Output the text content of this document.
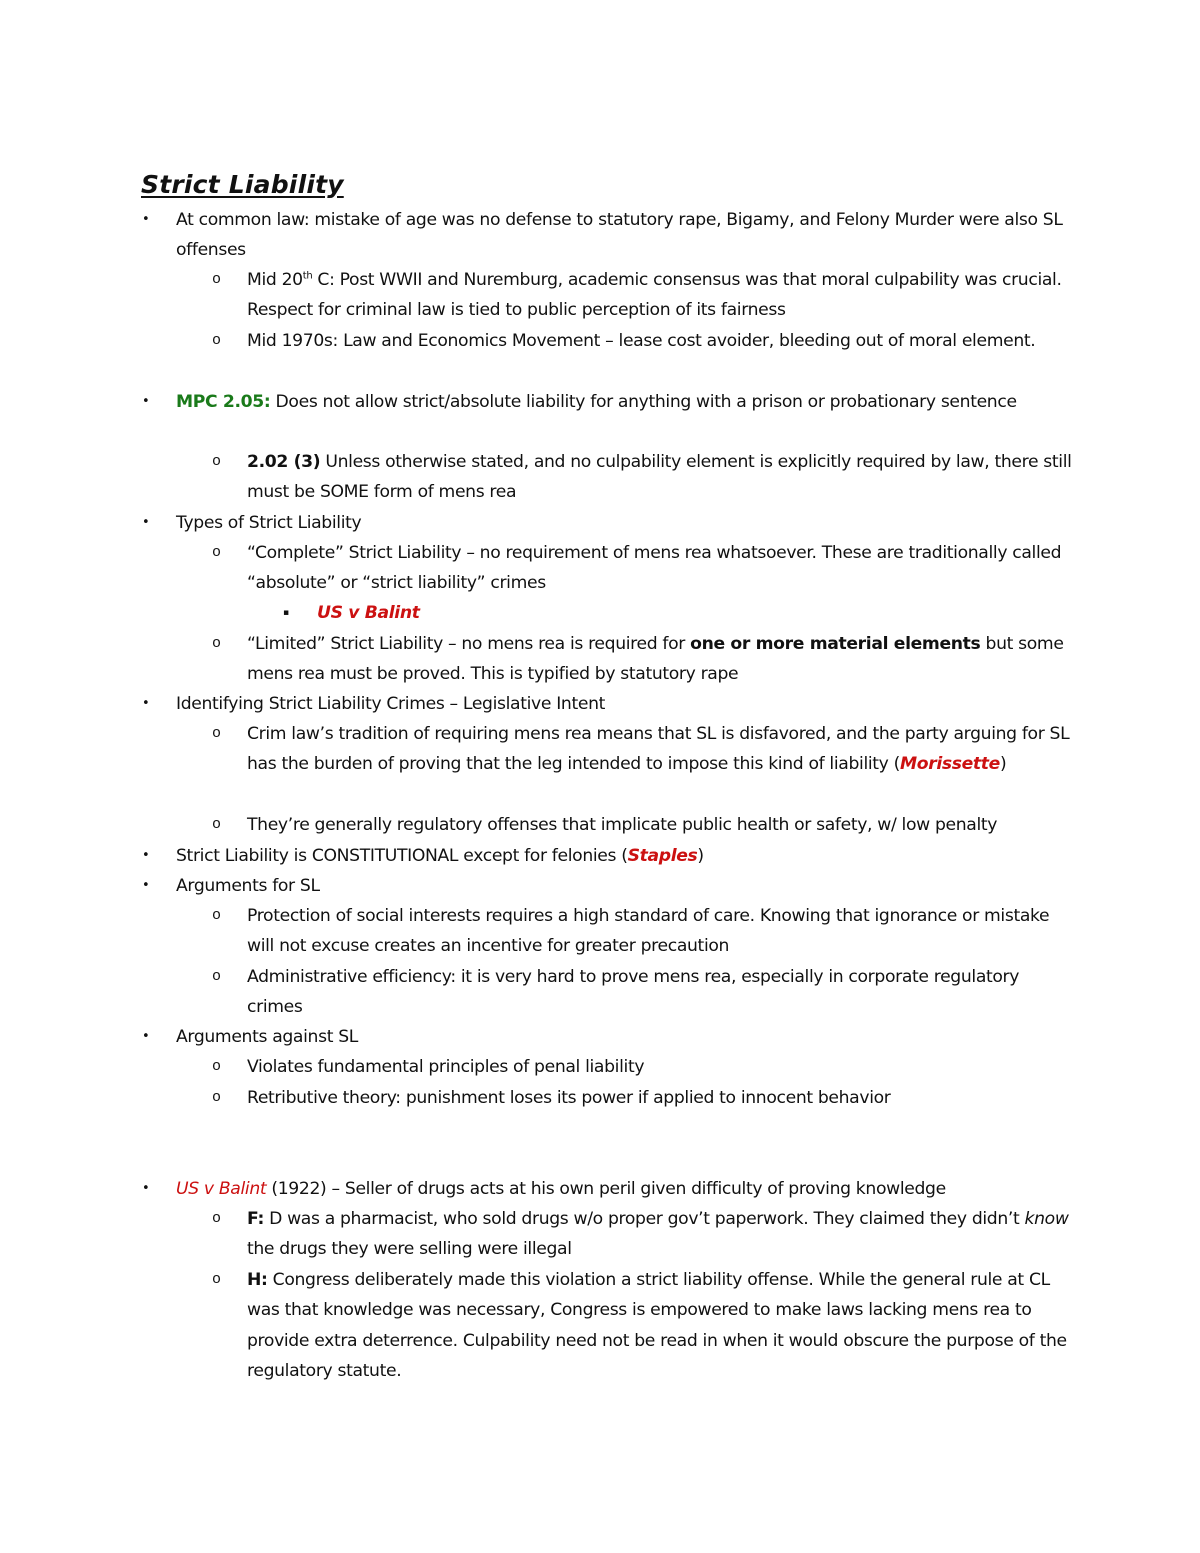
Strict Liability
• At common law: mistake of age was no defense to statutory rape, Bigamy, and Felony Murder were also SL offenses
o Mid 20th C: Post WWII and Nuremburg, academic consensus was that moral culpability was crucial. Respect for criminal law is tied to public perception of its fairness
o Mid 1970s: Law and Economics Movement – lease cost avoider, bleeding out of moral element.
• MPC 2.05: Does not allow strict/absolute liability for anything with a prison or probationary sentence
o 2.02 (3) Unless otherwise stated, and no culpability element is explicitly required by law, there still must be SOME form of mens rea
• Types of Strict Liability
o “Complete” Strict Liability – no requirement of mens rea whatsoever. These are traditionally called “absolute” or “strict liability” crimes
▪ US v Balint
o “Limited” Strict Liability – no mens rea is required for one or more material elements but some mens rea must be proved. This is typified by statutory rape
• Identifying Strict Liability Crimes – Legislative Intent
o Crim law’s tradition of requiring mens rea means that SL is disfavored, and the party arguing for SL has the burden of proving that the leg intended to impose this kind of liability (Morissette)
o They’re generally regulatory offenses that implicate public health or safety, w/ low penalty
• Strict Liability is CONSTITUTIONAL except for felonies (Staples)
• Arguments for SL
o Protection of social interests requires a high standard of care. Knowing that ignorance or mistake will not excuse creates an incentive for greater precaution
o Administrative efficiency: it is very hard to prove mens rea, especially in corporate regulatory crimes
• Arguments against SL
o Violates fundamental principles of penal liability
o Retributive theory: punishment loses its power if applied to innocent behavior
• US v Balint (1922) – Seller of drugs acts at his own peril given difficulty of proving knowledge
o F: D was a pharmacist, who sold drugs w/o proper gov’t paperwork. They claimed they didn’t know the drugs they were selling were illegal
o H: Congress deliberately made this violation a strict liability offense. While the general rule at CL was that knowledge was necessary, Congress is empowered to make laws lacking mens rea to provide extra deterrence. Culpability need not be read in when it would obscure the purpose of the regulatory statute.
